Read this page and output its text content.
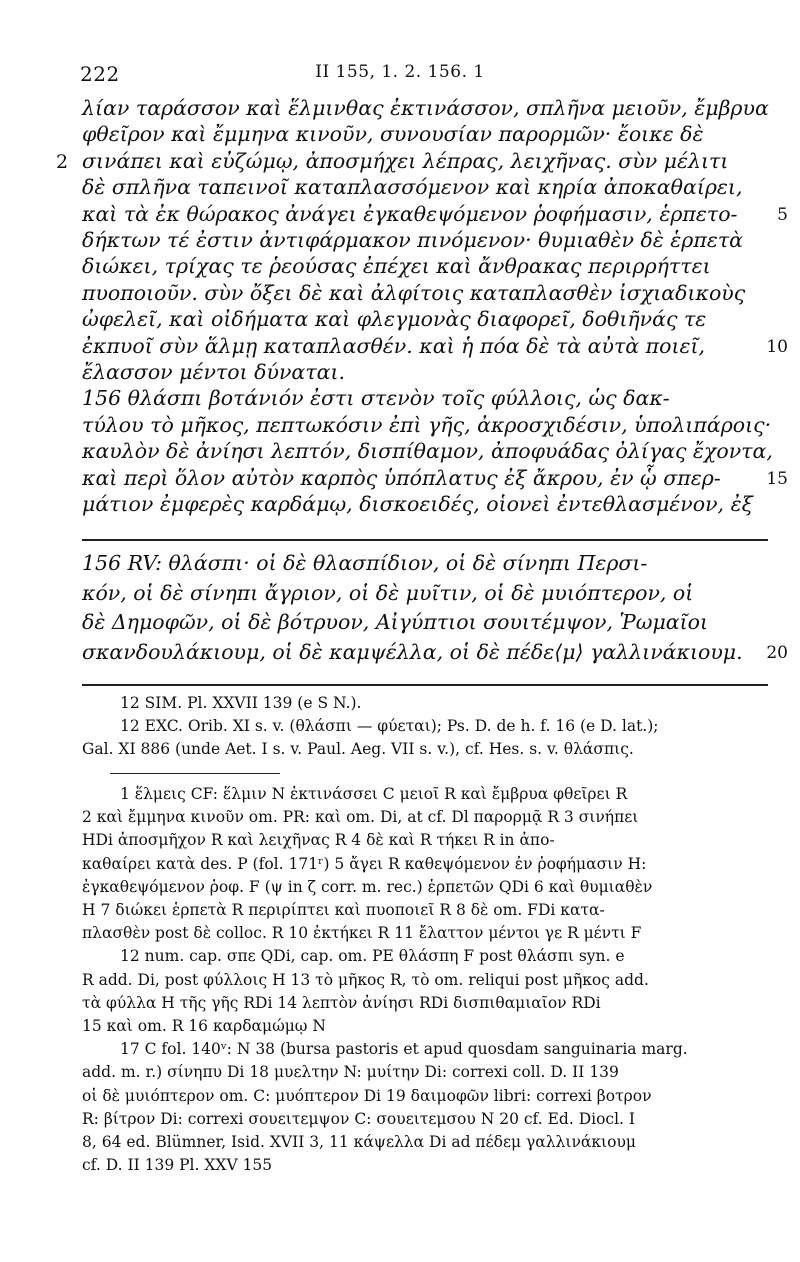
222	II 155, 1. 2. 156. 1
λίαν ταράσσον καὶ ἕλμινθας ἐκτινάσσον, σπλῆνα μειοῦν, ἔμβρυα
φθεῖρον καὶ ἔμμηνα κινοῦν, συνουσίαν παρορμῶν· ἔοικε δὲ
σινάπει καὶ εὐζώμῳ, ἀποσμήχει λέπρας, λειχῆνας. σὺν μέλιτι
2
δὲ σπλῆνα ταπεινοῖ καταπλασσόμενον καὶ κηρία ἀποκαθαίρει,
καὶ τὰ ἐκ θώρακος ἀνάγει ἐγκαθεψόμενον ῥοφήμασιν, ἑρπετο-	5
δήκτων τέ ἐστιν ἀντιφάρμακον πινόμενον· θυμιαθὲν δὲ ἑρπετὰ
διώκει, τρίχας τε ῥεούσας ἐπέχει καὶ ἄνθρακας περιρρήττει
πυοποιοῦν. σὺν ὄξει δὲ καὶ ἀλφίτοις καταπλασθὲν ἰσχιαδικοὺς
ὠφελεῖ, καὶ οἰδήματα καὶ φλεγμονὰς διαφορεῖ, δοθιῆνάς τε
ἐκπυοῖ σὺν ἅλμῃ καταπλασθέν. καὶ ἡ πόα δὲ τὰ αὐτὰ ποιεῖ,	10
ἔλασσον μέντοι δύναται.
156 θλάσπι βοτάνιόν ἐστι στενὸν τοῖς φύλλοις, ὡς δακ-
τύλου τὸ μῆκος, πεπτωκόσιν ἐπὶ γῆς, ἀκροσχιδέσιν, ὑπολιπάροις·
καυλὸν δὲ ἀνίησι λεπτόν, δισπίθαμον, ἀποφυάδας ὀλίγας ἔχοντα,
καὶ περὶ ὅλον αὐτὸν καρπὸς ὑπόπλατυς ἐξ ἄκρου, ἐν ᾧ σπερ-	15
μάτιον ἐμφερὲς καρδάμῳ, δισκοειδές, οἱονεὶ ἐντεθλασμένον, ἐξ
156 RV: θλάσπι· οἱ δὲ θλασπίδιον, οἱ δὲ σίνηπι Περσι-
κόν, οἱ δὲ σίνηπι ἄγριον, οἱ δὲ μυῖτιν, οἱ δὲ μυιόπτερον, οἱ
δὲ Δημοφῶν, οἱ δὲ βότρυον, Αἰγύπτιοι σουιτέμψον, Ῥωμαῖοι
σκανδουλάκιουμ, οἱ δὲ καμψέλλα, οἱ δὲ πέδε⟨μ⟩ γαλλινάκιουμ.	20
12 SIM. Pl. XXVII 139 (e S N.).
12 EXC. Orib. XI s. v. (θλάσπι — φύεται); Ps. D. de h. f. 16 (e D. lat.);
Gal. XI 886 (unde Aet. I s. v. Paul. Aeg. VII s. v.), cf. Hes. s. v. θλάσπις.
1 ἕλμεις CF: ἕλμιν N ἐκτινάσσει C μειοῖ R καὶ ἔμβρυα φθεῖρει R
2 καὶ ἔμμηνα κινοῦν om. PR: καὶ om. Di, at cf. Dl παρορμᾷ R 3 σινήπει
HDi ἀποσμῆχον R καὶ λειχῆνας R 4 δὲ καὶ R τήκει R in ἀπο-
καθαίρει κατὰ des. P (fol. 171ʳ) 5 ἄγει R καθεψόμενον ἐν ῥοφήμασιν H:
ἐγκαθεψόμενον ῥοφ. F (ψ in ζ corr. m. rec.) ἑρπετῶν QDi 6 καὶ θυμιαθὲν
H 7 διώκει ἑρπετὰ R περιρίπτει καὶ πυοποιεῖ R 8 δὲ om. FDi κατα-
πλασθὲν post δὲ colloc. R 10 ἐκτήκει R 11 ἔλαττον μέντοι γε R μέντι F
12 num. cap. σπε QDi, cap. om. PE θλάσπη F post θλάσπι syn. e
R add. Di, post φύλλοις H 13 τὸ μῆκος R, τὸ om. reliqui post μῆκος add.
τὰ φύλλα H τῆς γῆς RDi 14 λεπτὸν ἀνίησι RDi δισπιθαμιαῖον RDi
15 καὶ om. R 16 καρδαμώμῳ N
17 C fol. 140ᵛ: N 38 (bursa pastoris et apud quosdam sanguinaria marg.
add. m. r.) σίνηπυ Di 18 μυελτην N: μυίτην Di: correxi coll. D. II 139
οἱ δὲ μυιόπτερον om. C: μυόπτερον Di 19 δαιμοφῶν libri: correxi βοτρον
R: βίτρον Di: correxi σουειτεμψον C: σουειτεμσου N 20 cf. Ed. Diocl. I
8, 64 ed. Blümner, Isid. XVII 3, 11 κάψελλα Di ad πέδεμ γαλλινάκιουμ
cf. D. II 139 Pl. XXV 155
